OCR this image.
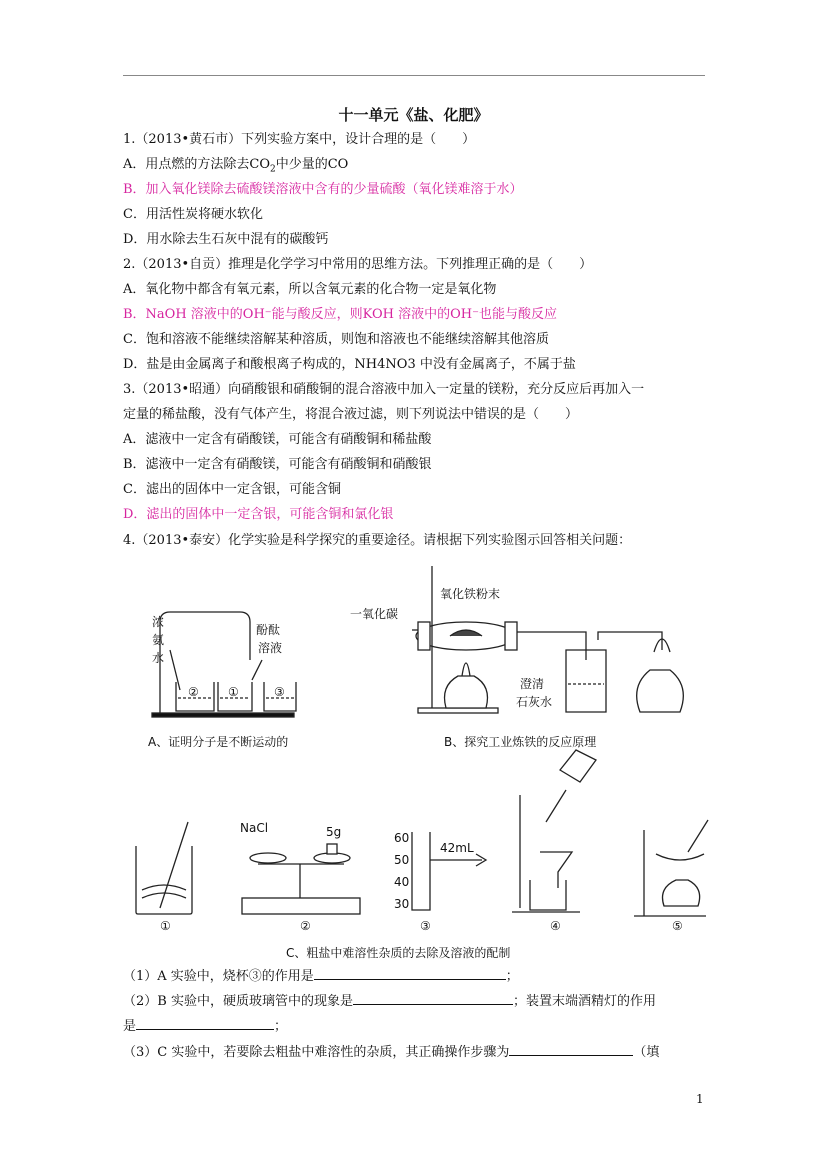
十一单元《盐、化肥》
1.（2013•黄石市）下列实验方案中，设计合理的是（　　）
A．用点燃的方法除去$CO_2$中少量的CO
B．加入氧化镁除去硫酸镁溶液中含有的少量硫酸（氧化镁难溶于水）
C．用活性炭将硬水软化
D．用水除去生石灰中混有的碳酸钙
2.（2013•自贡）推理是化学学习中常用的思维方法。下列推理正确的是（　　）
A．氧化物中都含有氧元素，所以含氧元素的化合物一定是氧化物
B．NaOH 溶液中的OH⁻能与酸反应，则KOH 溶液中的OH⁻也能与酸反应
C．饱和溶液不能继续溶解某种溶质，则饱和溶液也不能继续溶解其他溶质
D．盐是由金属离子和酸根离子构成的，NH4NO3 中没有金属离子，不属于盐
3.（2013•昭通）向硝酸银和硝酸铜的混合溶液中加入一定量的镁粉，充分反应后再加入一
定量的稀盐酸，没有气体产生，将混合液过滤，则下列说法中错误的是（　　）
A．滤液中一定含有硝酸镁，可能含有硝酸铜和稀盐酸
B．滤液中一定含有硝酸镁，可能含有硝酸铜和硝酸银
C．滤出的固体中一定含银，可能含铜
D．滤出的固体中一定含银，可能含铜和氯化银
4.（2013•泰安）化学实验是科学探究的重要途径。请根据下列实验图示回答相关问题：
浓
氨
水
酚酞
溶液
② ①	③
A、证明分子是不断运动的
一氧化碳
氧化铁粉末
澄清
石灰水
B、探究工业炼铁的反应原理
NaCl	5g	60
50
40
30
42mL
①	②	③	④	⑤
C、粗盐中难溶性杂质的去除及溶液的配制
（1）A 实验中，烧杯③的作用是	；
（2）B 实验中，硬质玻璃管中的现象是	；装置末端酒精灯的作用
是	；
（3）C 实验中，若要除去粗盐中难溶性的杂质，其正确操作步骤为	（填
1
